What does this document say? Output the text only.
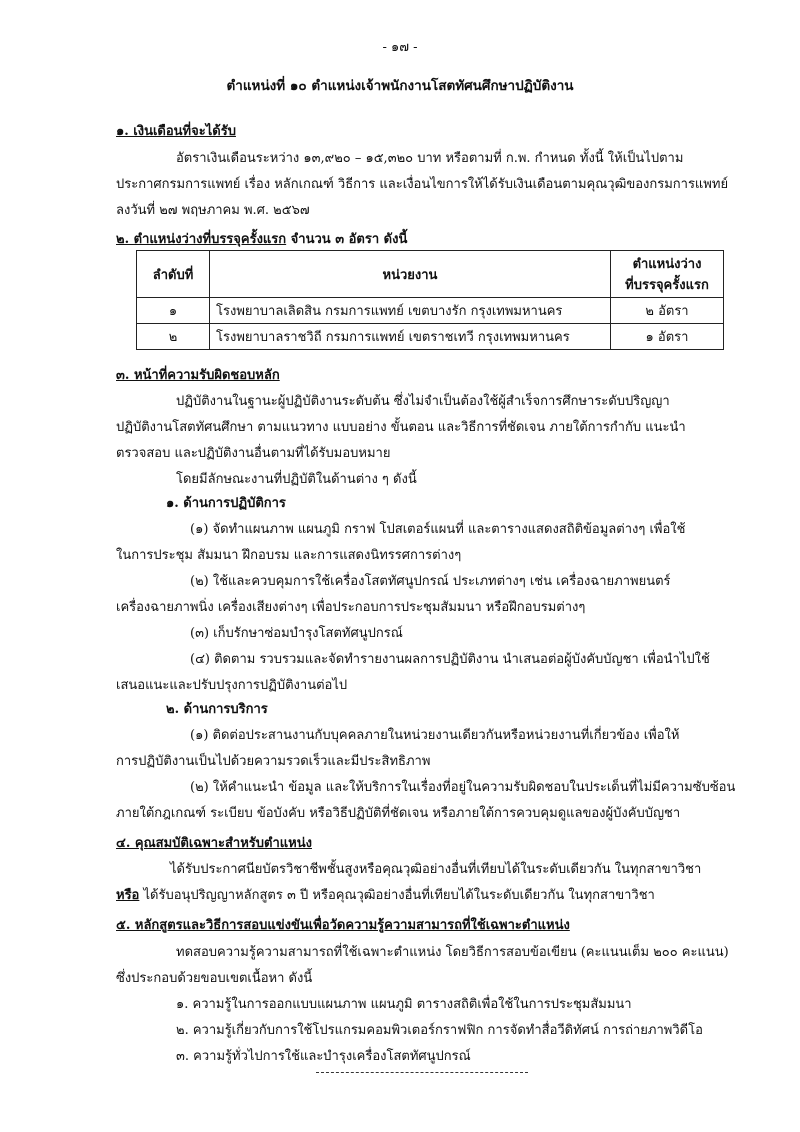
- ๑๗ -
ตำแหน่งที่ ๑๐ ตำแหน่งเจ้าพนักงานโสตทัศนศึกษาปฏิบัติงาน
๑. เงินเดือนที่จะได้รับ
อัตราเงินเดือนระหว่าง ๑๓,๙๒๐ – ๑๕,๓๒๐ บาท หรือตามที่ ก.พ. กำหนด ทั้งนี้ ให้เป็นไปตาม
ประกาศกรมการแพทย์ เรื่อง หลักเกณฑ์ วิธีการ และเงื่อนไขการให้ได้รับเงินเดือนตามคุณวุฒิของกรมการแพทย์
ลงวันที่ ๒๗ พฤษภาคม พ.ศ. ๒๕๖๗
๒. ตำแหน่งว่างที่บรรจุครั้งแรก จำนวน ๓ อัตรา ดังนี้
ลำดับที่	หน่วยงาน	ตำแหน่งว่าง
ที่บรรจุครั้งแรก

๑	โรงพยาบาลเลิดสิน กรมการแพทย์ เขตบางรัก กรุงเทพมหานคร	๒ อัตรา
๒	โรงพยาบาลราชวิถี กรมการแพทย์ เขตราชเทวี กรุงเทพมหานคร	๑ อัตรา
๓. หน้าที่ความรับผิดชอบหลัก
ปฏิบัติงานในฐานะผู้ปฏิบัติงานระดับต้น ซึ่งไม่จำเป็นต้องใช้ผู้สำเร็จการศึกษาระดับปริญญา
ปฏิบัติงานโสตทัศนศึกษา ตามแนวทาง แบบอย่าง ขั้นตอน และวิธีการที่ชัดเจน ภายใต้การกำกับ แนะนำ
ตรวจสอบ และปฏิบัติงานอื่นตามที่ได้รับมอบหมาย
โดยมีลักษณะงานที่ปฏิบัติในด้านต่าง ๆ ดังนี้
๑. ด้านการปฏิบัติการ
(๑) จัดทำแผนภาพ แผนภูมิ กราฟ โปสเตอร์แผนที่ และตารางแสดงสถิติข้อมูลต่างๆ เพื่อใช้
ในการประชุม สัมมนา ฝึกอบรม และการแสดงนิทรรศการต่างๆ
(๒) ใช้และควบคุมการใช้เครื่องโสตทัศนูปกรณ์ ประเภทต่างๆ เช่น เครื่องฉายภาพยนตร์
เครื่องฉายภาพนิ่ง เครื่องเสียงต่างๆ เพื่อประกอบการประชุมสัมมนา หรือฝึกอบรมต่างๆ
(๓) เก็บรักษาซ่อมบำรุงโสตทัศนูปกรณ์
(๔) ติดตาม รวบรวมและจัดทำรายงานผลการปฏิบัติงาน นำเสนอต่อผู้บังคับบัญชา เพื่อนำไปใช้
เสนอแนะและปรับปรุงการปฏิบัติงานต่อไป
๒. ด้านการบริการ
(๑) ติดต่อประสานงานกับบุคคลภายในหน่วยงานเดียวกันหรือหน่วยงานที่เกี่ยวข้อง เพื่อให้
การปฏิบัติงานเป็นไปด้วยความรวดเร็วและมีประสิทธิภาพ
(๒) ให้คำแนะนำ ข้อมูล และให้บริการในเรื่องที่อยู่ในความรับผิดชอบในประเด็นที่ไม่มีความซับซ้อน
ภายใต้กฎเกณฑ์ ระเบียบ ข้อบังคับ หรือวิธีปฏิบัติที่ชัดเจน หรือภายใต้การควบคุมดูแลของผู้บังคับบัญชา
๔. คุณสมบัติเฉพาะสำหรับตำแหน่ง
ได้รับประกาศนียบัตรวิชาชีพชั้นสูงหรือคุณวุฒิอย่างอื่นที่เทียบได้ในระดับเดียวกัน ในทุกสาขาวิชา
หรือ ได้รับอนุปริญญาหลักสูตร ๓ ปี หรือคุณวุฒิอย่างอื่นที่เทียบได้ในระดับเดียวกัน ในทุกสาขาวิชา
๕. หลักสูตรและวิธีการสอบแข่งขันเพื่อวัดความรู้ความสามารถที่ใช้เฉพาะตำแหน่ง
ทดสอบความรู้ความสามารถที่ใช้เฉพาะตำแหน่ง โดยวิธีการสอบข้อเขียน (คะแนนเต็ม ๒๐๐ คะแนน)
ซึ่งประกอบด้วยขอบเขตเนื้อหา ดังนี้
๑. ความรู้ในการออกแบบแผนภาพ แผนภูมิ ตารางสถิติเพื่อใช้ในการประชุมสัมมนา
๒. ความรู้เกี่ยวกับการใช้โปรแกรมคอมพิวเตอร์กราฟฟิก การจัดทำสื่อวีดิทัศน์ การถ่ายภาพวิดีโอ
๓. ความรู้ทั่วไปการใช้และบำรุงเครื่องโสตทัศนูปกรณ์
